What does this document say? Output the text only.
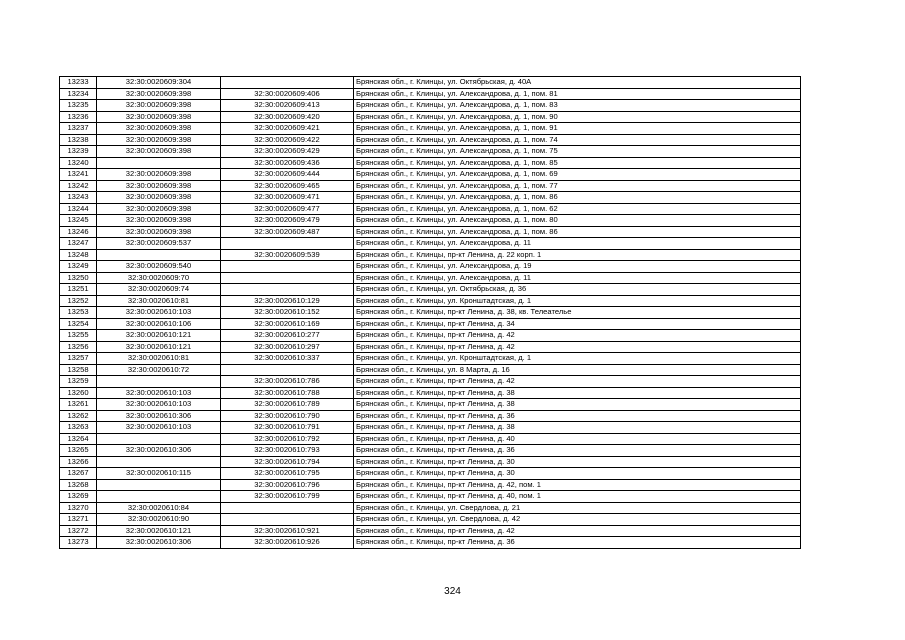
13233	32:30:0020609:304		Брянская обл., г. Клинцы, ул. Октябрьская, д. 40А
13234	32:30:0020609:398	32:30:0020609:406	Брянская обл., г. Клинцы, ул. Александрова, д. 1, пом. 81
13235	32:30:0020609:398	32:30:0020609:413	Брянская обл., г. Клинцы, ул. Александрова, д. 1, пом. 83
13236	32:30:0020609:398	32:30:0020609:420	Брянская обл., г. Клинцы, ул. Александрова, д. 1, пом. 90
13237	32:30:0020609:398	32:30:0020609:421	Брянская обл., г. Клинцы, ул. Александрова, д. 1, пом. 91
13238	32:30:0020609:398	32:30:0020609:422	Брянская обл., г. Клинцы, ул. Александрова, д. 1, пом. 74
13239	32:30:0020609:398	32:30:0020609:429	Брянская обл., г. Клинцы, ул. Александрова, д. 1, пом. 75
13240		32:30:0020609:436	Брянская обл., г. Клинцы, ул. Александрова, д. 1, пом. 85
13241	32:30:0020609:398	32:30:0020609:444	Брянская обл., г. Клинцы, ул. Александрова, д. 1, пом. 69
13242	32:30:0020609:398	32:30:0020609:465	Брянская обл., г. Клинцы, ул. Александрова, д. 1, пом. 77
13243	32:30:0020609:398	32:30:0020609:471	Брянская обл., г. Клинцы, ул. Александрова, д. 1, пом. 86
13244	32:30:0020609:398	32:30:0020609:477	Брянская обл., г. Клинцы, ул. Александрова, д. 1, пом. 62
13245	32:30:0020609:398	32:30:0020609:479	Брянская обл., г. Клинцы, ул. Александрова, д. 1, пом. 80
13246	32:30:0020609:398	32:30:0020609:487	Брянская обл., г. Клинцы, ул. Александрова, д. 1, пом. 86
13247	32:30:0020609:537		Брянская обл., г. Клинцы, ул. Александрова, д. 11
13248		32:30:0020609:539	Брянская обл., г. Клинцы, пр-кт Ленина, д. 22 корп. 1
13249	32:30:0020609:540		Брянская обл., г. Клинцы, ул. Александрова, д. 19
13250	32:30:0020609:70		Брянская обл., г. Клинцы, ул. Александрова, д. 11
13251	32:30:0020609:74		Брянская обл., г. Клинцы, ул. Октябрьская, д. 36
13252	32:30:0020610:81	32:30:0020610:129	Брянская обл., г. Клинцы, ул. Кронштадтская, д. 1
13253	32:30:0020610:103	32:30:0020610:152	Брянская обл., г. Клинцы, пр-кт Ленина, д. 38, кв. Телеателье
13254	32:30:0020610:106	32:30:0020610:169	Брянская обл., г. Клинцы, пр-кт Ленина, д. 34
13255	32:30:0020610:121	32:30:0020610:277	Брянская обл., г. Клинцы, пр-кт Ленина, д. 42
13256	32:30:0020610:121	32:30:0020610:297	Брянская обл., г. Клинцы, пр-кт Ленина, д. 42
13257	32:30:0020610:81	32:30:0020610:337	Брянская обл., г. Клинцы, ул. Кронштадтская, д. 1
13258	32:30:0020610:72		Брянская обл., г. Клинцы, ул. 8 Марта, д. 16
13259		32:30:0020610:786	Брянская обл., г. Клинцы, пр-кт Ленина, д. 42
13260	32:30:0020610:103	32:30:0020610:788	Брянская обл., г. Клинцы, пр-кт Ленина, д. 38
13261	32:30:0020610:103	32:30:0020610:789	Брянская обл., г. Клинцы, пр-кт Ленина, д. 38
13262	32:30:0020610:306	32:30:0020610:790	Брянская обл., г. Клинцы, пр-кт Ленина, д. 36
13263	32:30:0020610:103	32:30:0020610:791	Брянская обл., г. Клинцы, пр-кт Ленина, д. 38
13264		32:30:0020610:792	Брянская обл., г. Клинцы, пр-кт Ленина, д. 40
13265	32:30:0020610:306	32:30:0020610:793	Брянская обл., г. Клинцы, пр-кт Ленина, д. 36
13266		32:30:0020610:794	Брянская обл., г. Клинцы, пр-кт Ленина, д. 30
13267	32:30:0020610:115	32:30:0020610:795	Брянская обл., г. Клинцы, пр-кт Ленина, д. 30
13268		32:30:0020610:796	Брянская обл., г. Клинцы, пр-кт Ленина, д. 42, пом. 1
13269		32:30:0020610:799	Брянская обл., г. Клинцы, пр-кт Ленина, д. 40, пом. 1
13270	32:30:0020610:84		Брянская обл., г. Клинцы, ул. Свердлова, д. 21
13271	32:30:0020610:90		Брянская обл., г. Клинцы, ул. Свердлова, д. 42
13272	32:30:0020610:121	32:30:0020610:921	Брянская обл., г. Клинцы, пр-кт Ленина, д. 42
13273	32:30:0020610:306	32:30:0020610:926	Брянская обл., г. Клинцы, пр-кт Ленина, д. 36
324
